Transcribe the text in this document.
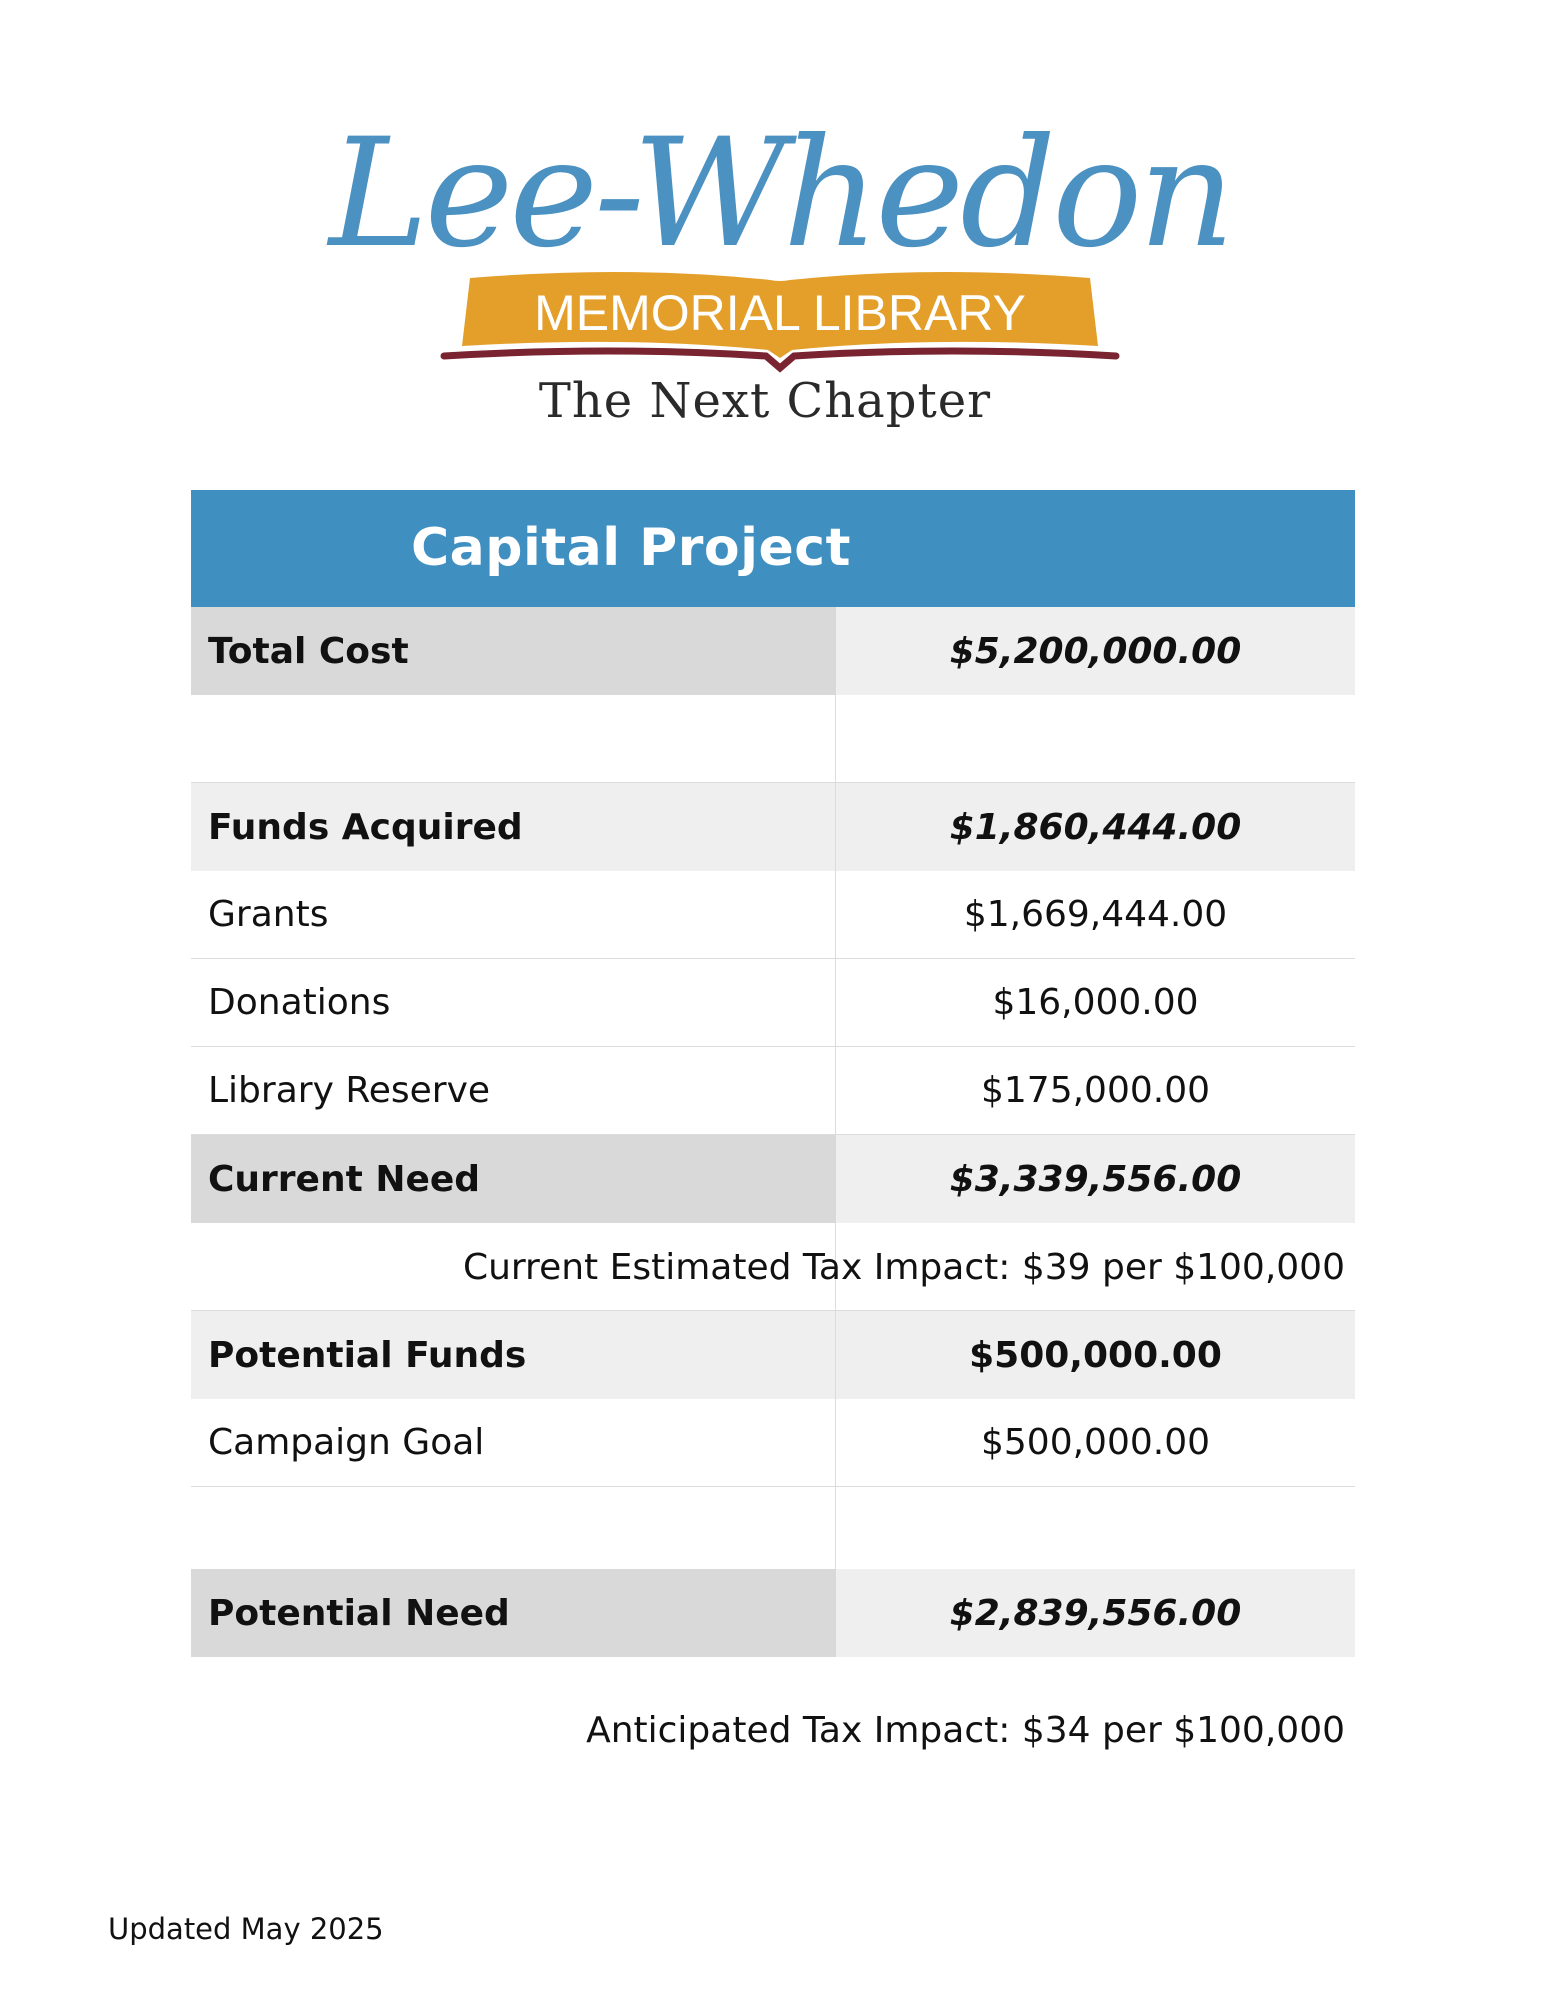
Lee-Whedon
MEMORIAL LIBRARY
The Next Chapter
Capital Project
Total Cost	$5,200,000.00
Funds Acquired	$1,860,444.00
Grants	$1,669,444.00
Donations	$16,000.00
Library Reserve	$175,000.00
Current Need	$3,339,556.00
Current Estimated Tax Impact: $39 per $100,000
Potential Funds	$500,000.00
Campaign Goal	$500,000.00
Potential Need	$2,839,556.00
Anticipated Tax Impact: $34 per $100,000
Updated May 2025
